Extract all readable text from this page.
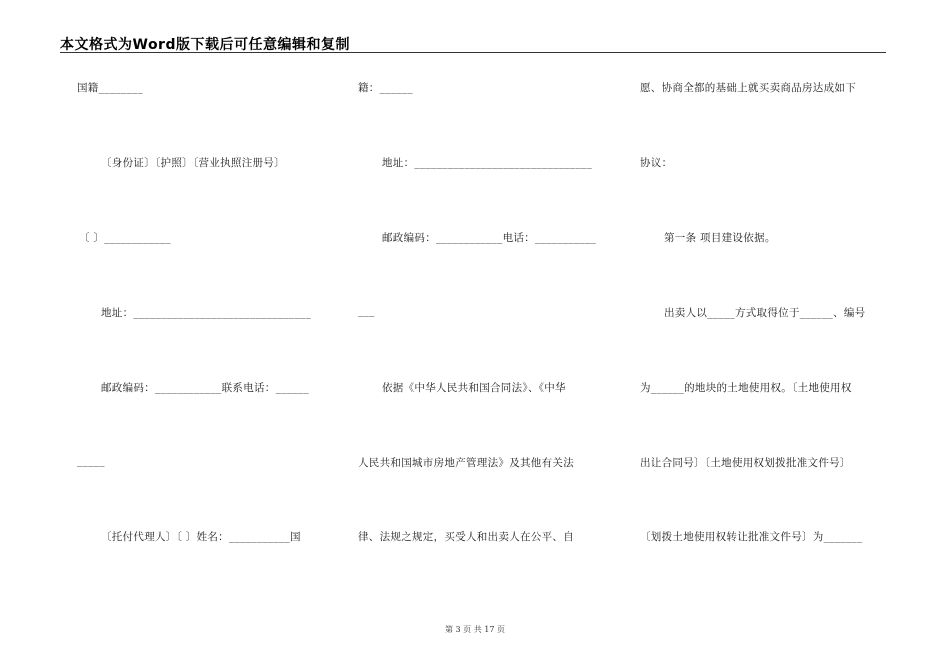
本文格式为Word版下载后可任意编辑和复制
国籍________
〔身份证〕〔护照〕〔营业执照注册号〕
〔 〕____________
地址：________________________________
邮政编码：____________联系电话：______
_____
〔托付代理人〕〔 〕姓名：___________国
籍：______
地址：________________________________
邮政编码：____________电话：___________
___
依据《中华人民共和国合同法》、《中华
人民共和国城市房地产管理法》及其他有关法
律、法规之规定，买受人和出卖人在公平、自
愿、协商全都的基础上就买卖商品房达成如下
协议：
第一条 项目建设依据。
出卖人以_____方式取得位于______、编号
为______的地块的土地使用权。〔土地使用权
出让合同号〕〔土地使用权划拨批准文件号〕
〔划拨土地使用权转让批准文件号〕为_______
第 3 页 共 17 页
